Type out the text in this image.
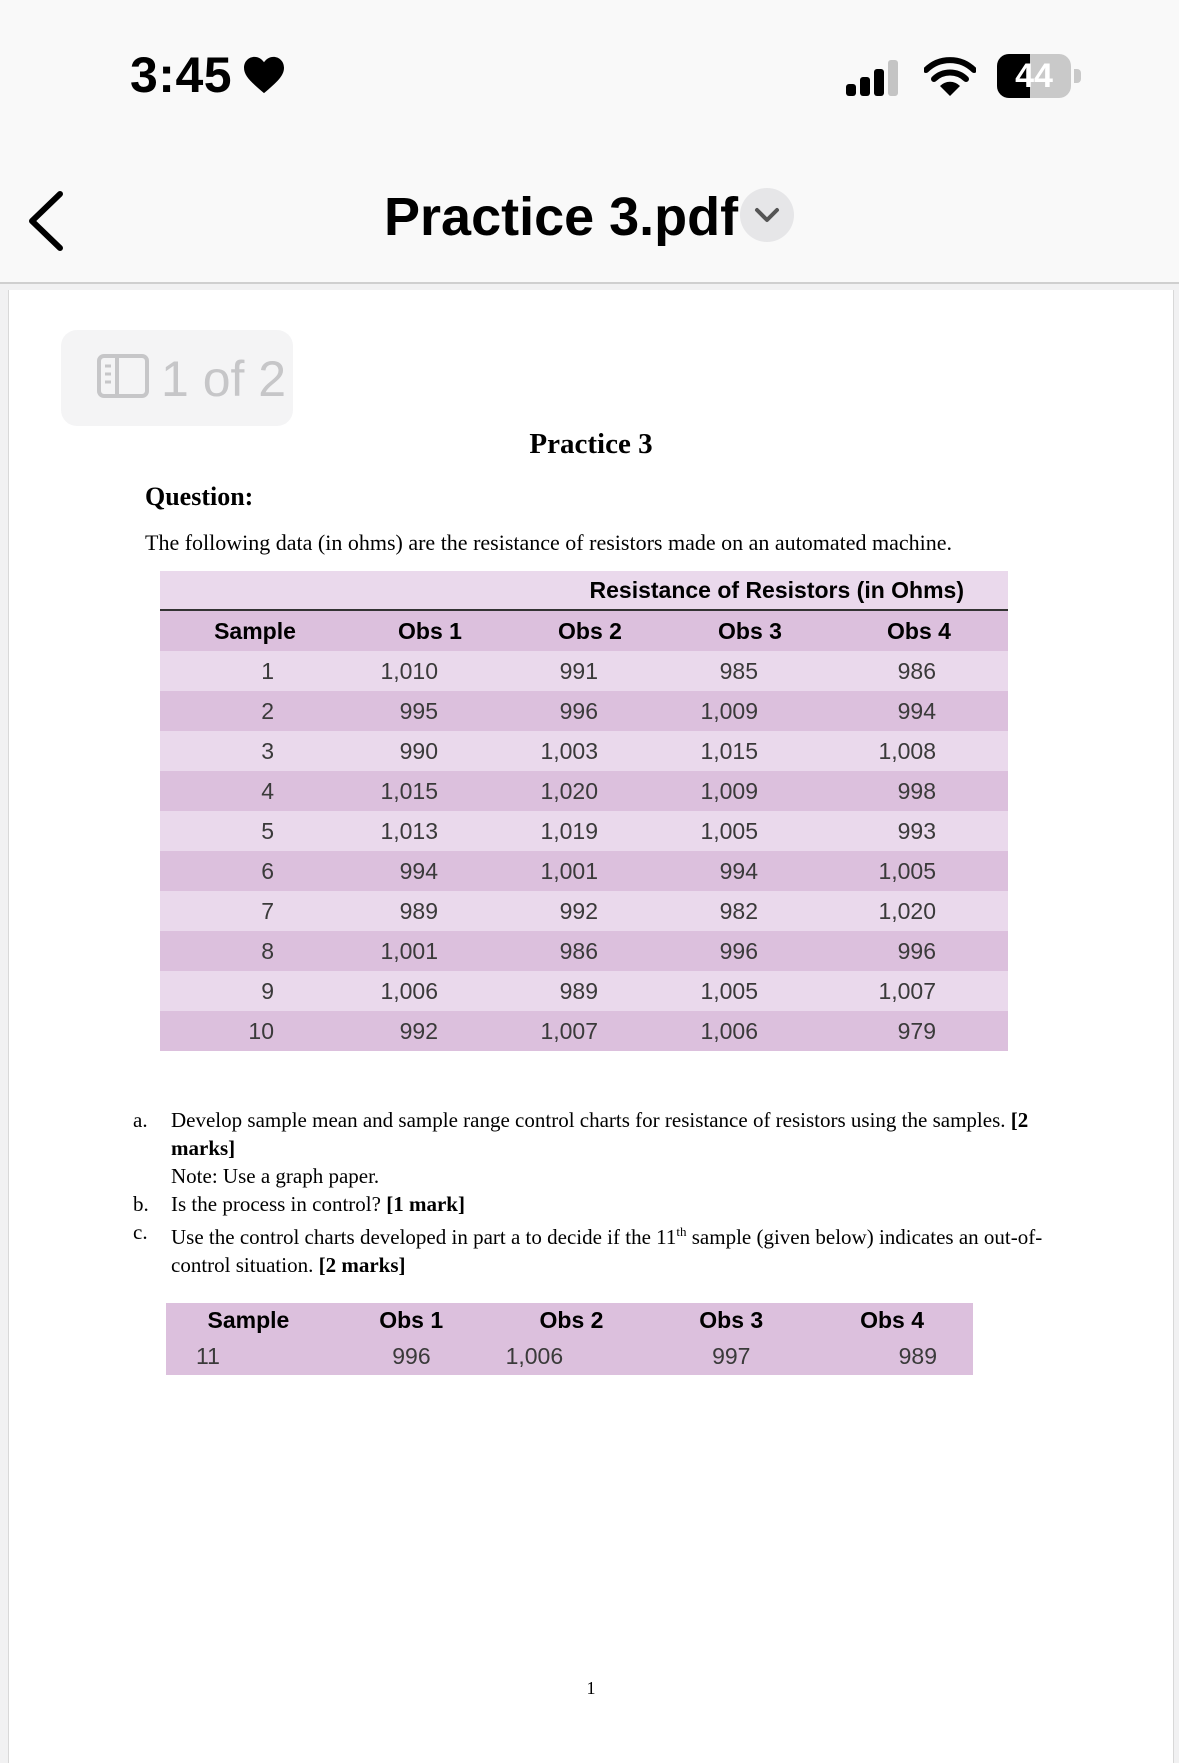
3:45	44
Practice 3.pdf
1 of 2
Practice 3
Question:
The following data (in ohms) are the resistance of resistors made on an automated machine.
		Resistance of Resistors (in Ohms)		
Sample	Obs 1	Obs 2	Obs 3	Obs 4
1	1,010	991	985	986
2	995	996	1,009	994
3	990	1,003	1,015	1,008
4	1,015	1,020	1,009	998
5	1,013	1,019	1,005	993
6	994	1,001	994	1,005
7	989	992	982	1,020
8	1,001	986	996	996
9	1,006	989	1,005	1,007
10	992	1,007	1,006	979
a. Develop sample mean and sample range control charts for resistance of resistors using the samples. [2 marks]
Note: Use a graph paper.
b. Is the process in control? [1 mark]
c. Use the control charts developed in part a to decide if the 11th sample (given below) indicates an out-of-control situation. [2 marks]
Sample	Obs 1	Obs 2	Obs 3	Obs 4
11	996	1,006	997	989
1
